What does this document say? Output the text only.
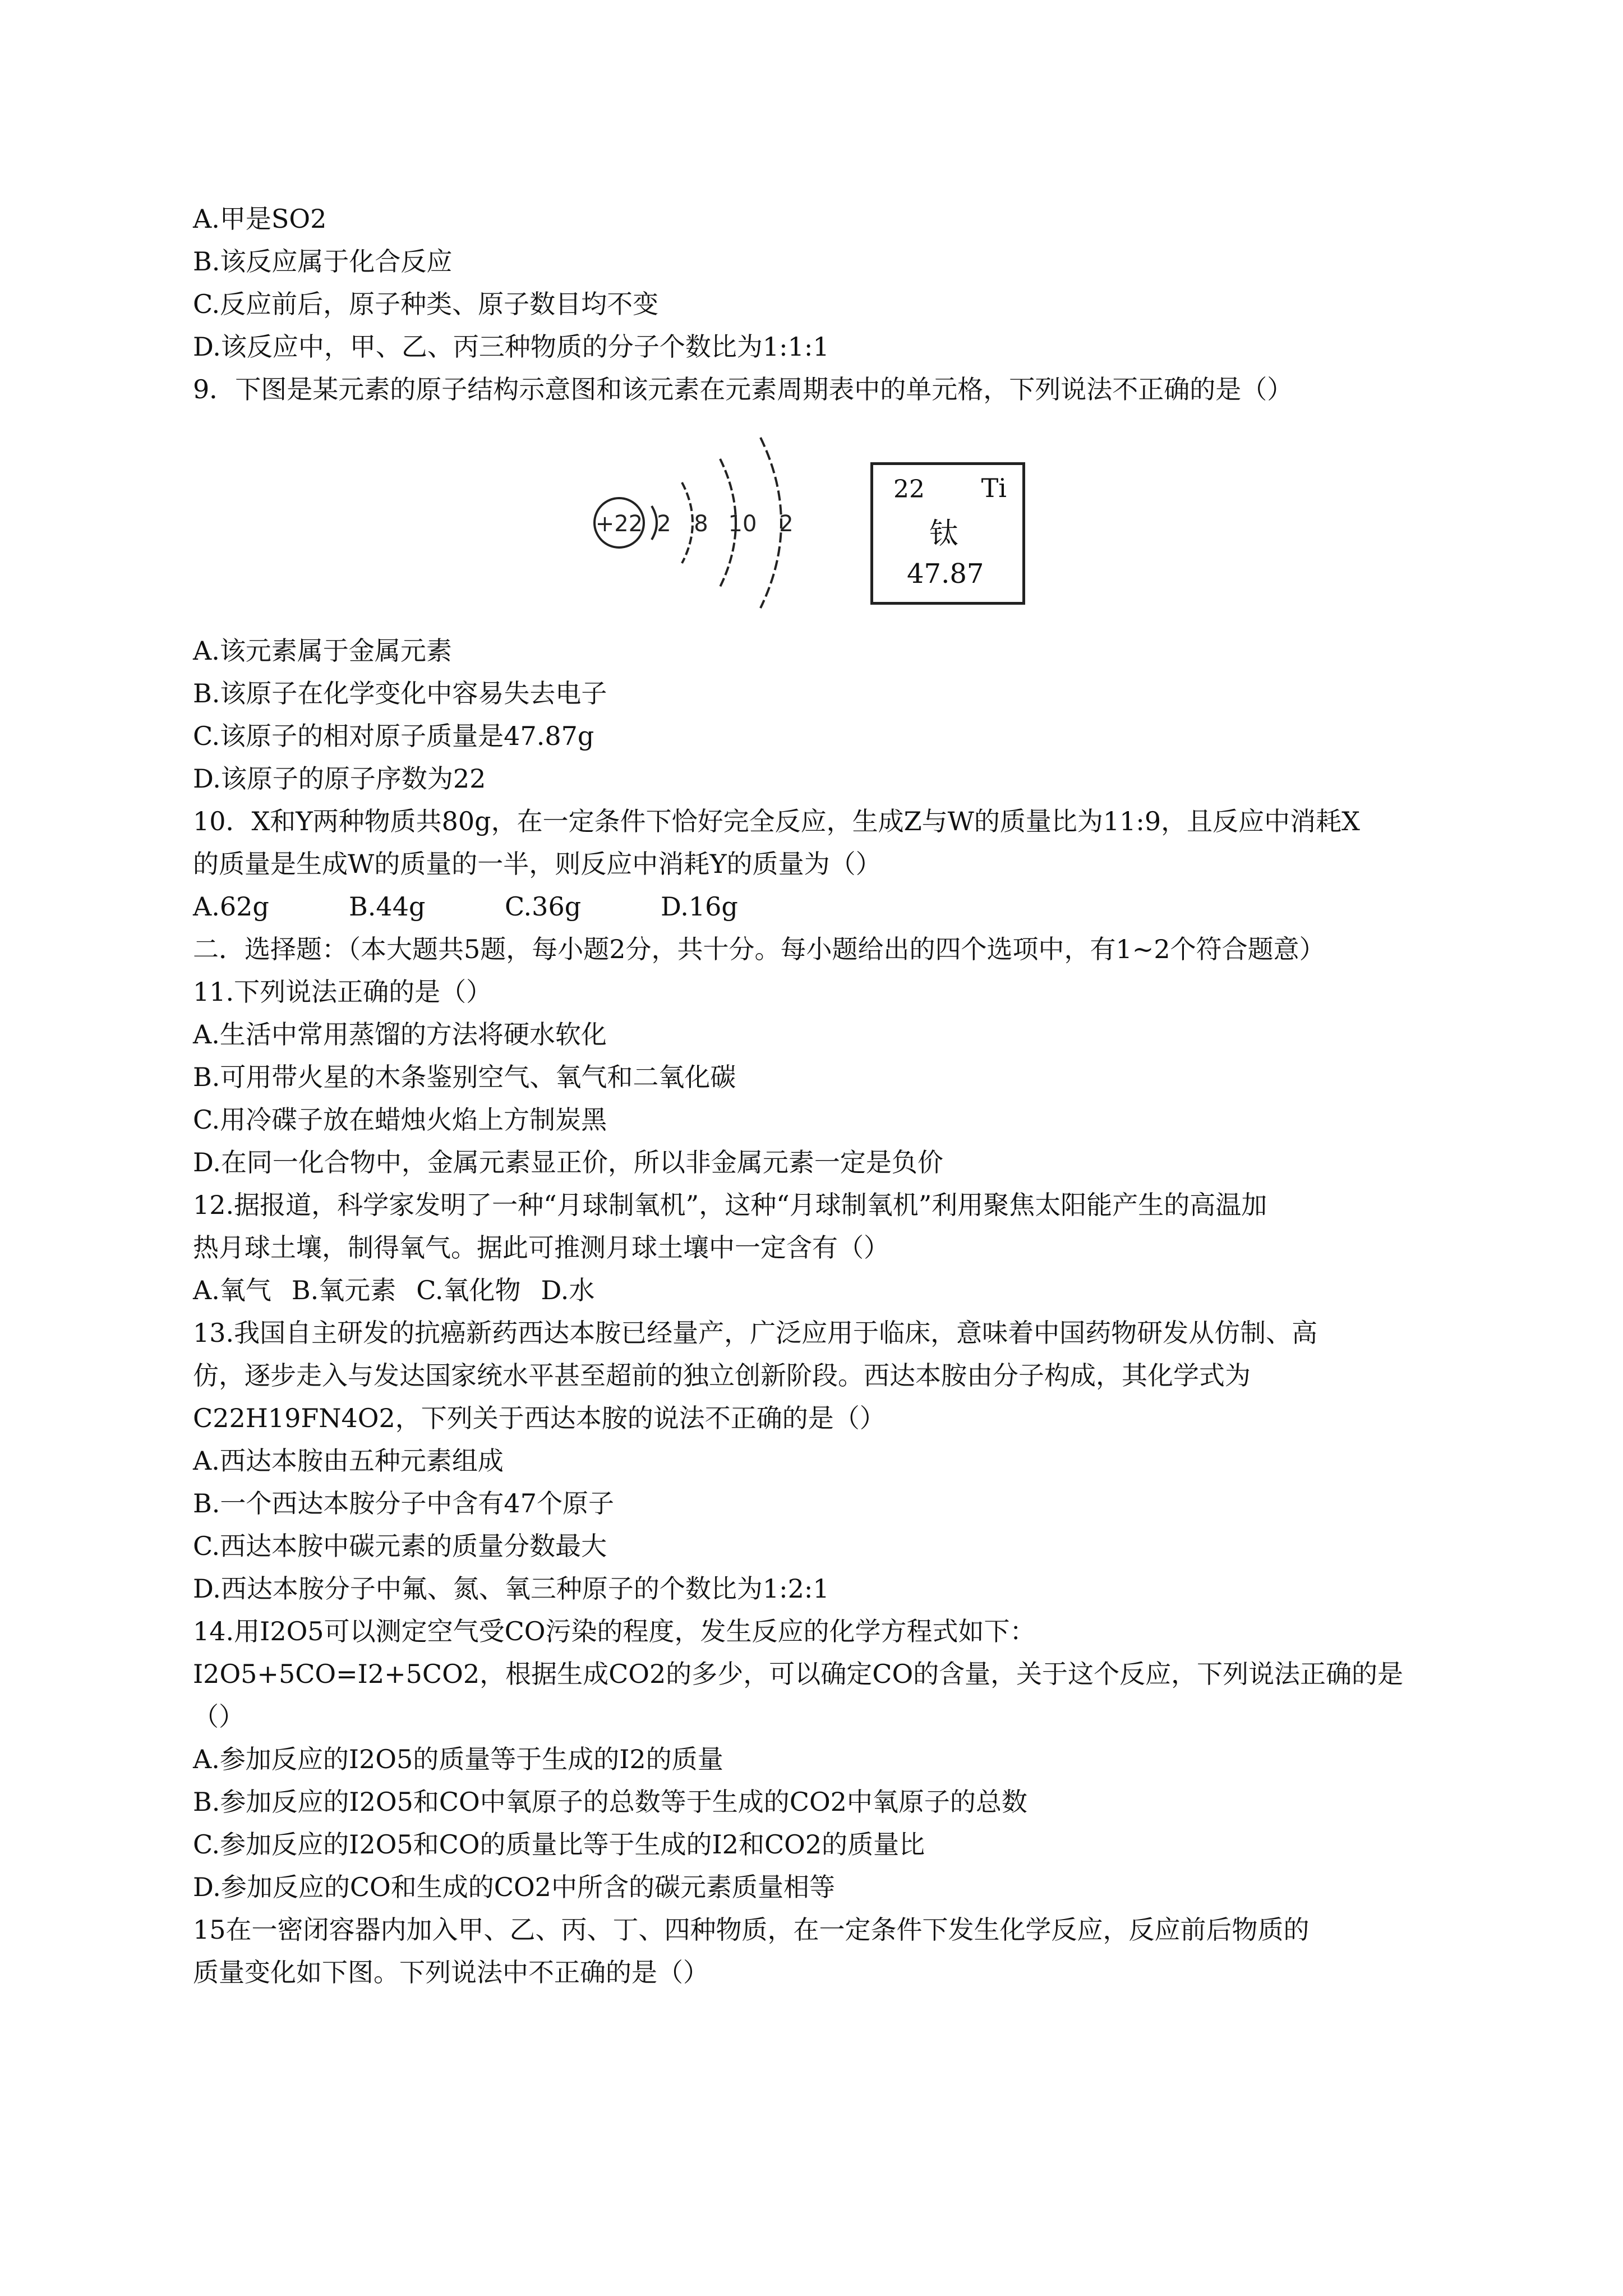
A.甲是SO2
B.该反应属于化合反应
C.反应前后，原子种类、原子数目均不变
D.该反应中，甲、乙、丙三种物质的分子个数比为1:1:1
9．下图是某元素的原子结构示意图和该元素在元素周期表中的单元格，下列说法不正确的是（）
+22 2 8 10 2
22 Ti
钛
47.87
A.该元素属于金属元素
B.该原子在化学变化中容易失去电子
C.该原子的相对原子质量是47.87g
D.该原子的原子序数为22
10．X和Y两种物质共80g，在一定条件下恰好完全反应，生成Z与W的质量比为11:9，且反应中消耗X
的质量是生成W的质量的一半，则反应中消耗Y的质量为（）
A.62g	B.44g	C.36g	D.16g
二．选择题：（本大题共5题，每小题2分，共十分。每小题给出的四个选项中，有1~2个符合题意）
11.下列说法正确的是（）
A.生活中常用蒸馏的方法将硬水软化
B.可用带火星的木条鉴别空气、氧气和二氧化碳
C.用冷碟子放在蜡烛火焰上方制炭黑
D.在同一化合物中，金属元素显正价，所以非金属元素一定是负价
12.据报道，科学家发明了一种“月球制氧机”，这种“月球制氧机”利用聚焦太阳能产生的高温加
热月球土壤，制得氧气。据此可推测月球土壤中一定含有（）
A.氧气 B.氧元素 C.氧化物 D.水
13.我国自主研发的抗癌新药西达本胺已经量产，广泛应用于临床，意味着中国药物研发从仿制、高
仿，逐步走入与发达国家统水平甚至超前的独立创新阶段。西达本胺由分子构成，其化学式为
C22H19FN4O2，下列关于西达本胺的说法不正确的是（）
A.西达本胺由五种元素组成
B.一个西达本胺分子中含有47个原子
C.西达本胺中碳元素的质量分数最大
D.西达本胺分子中氟、氮、氧三种原子的个数比为1:2:1
14.用I2O5可以测定空气受CO污染的程度，发生反应的化学方程式如下：
I2O5+5CO=I2+5CO2，根据生成CO2的多少，可以确定CO的含量，关于这个反应，下列说法正确的是
（）
A.参加反应的I2O5的质量等于生成的I2的质量
B.参加反应的I2O5和CO中氧原子的总数等于生成的CO2中氧原子的总数
C.参加反应的I2O5和CO的质量比等于生成的I2和CO2的质量比
D.参加反应的CO和生成的CO2中所含的碳元素质量相等
15在一密闭容器内加入甲、乙、丙、丁、四种物质，在一定条件下发生化学反应，反应前后物质的
质量变化如下图。下列说法中不正确的是（）
